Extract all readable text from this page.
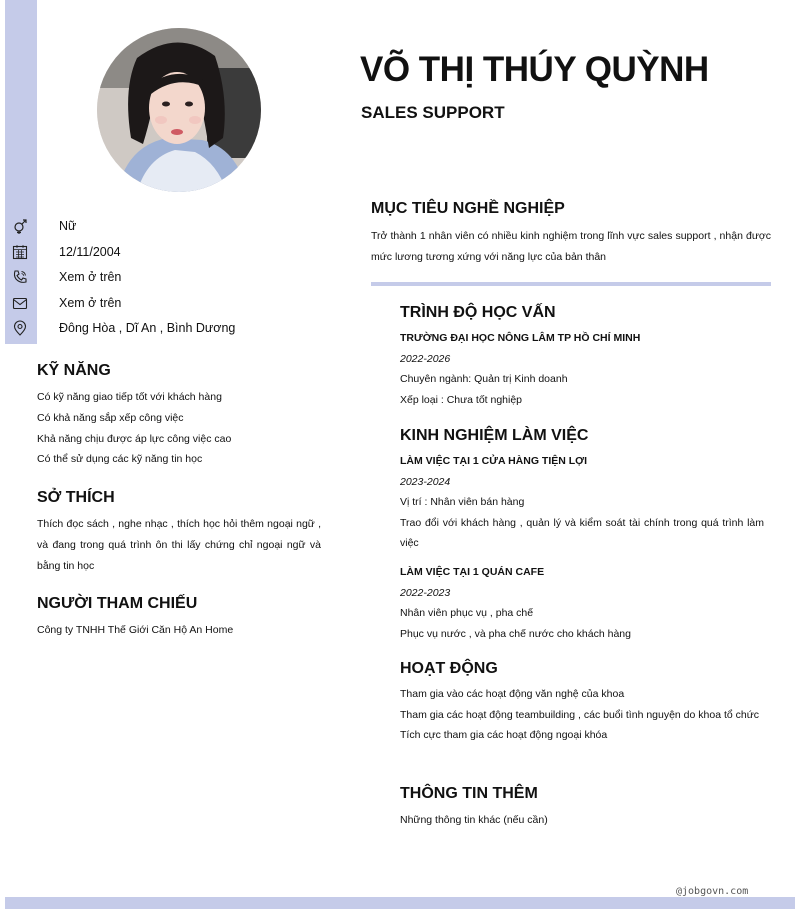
VÕ THỊ THÚY QUỲNH
SALES SUPPORT
Nữ
12/11/2004
Xem ở trên
Xem ở trên
Đông Hòa , Dĩ An , Bình Dương
KỸ NĂNG

Có kỹ năng giao tiếp tốt với khách hàng

Có khả năng sắp xếp công việc

Khả năng chịu được áp lực công việc cao

Có thể sử dụng các kỹ năng tin học

SỞ THÍCH
Thích đọc sách , nghe nhạc , thích học hỏi thêm ngoại ngữ , và đang trong quá trình ôn thi lấy chứng chỉ ngoại ngữ và bằng tin học
NGƯỜI THAM CHIẾU
Công ty TNHH Thế Giới Căn Hộ An Home
MỤC TIÊU NGHỀ NGHIỆP
Trở thành 1 nhân viên có nhiều kinh nghiệm trong lĩnh vực sales support , nhận được mức lương tương xứng với năng lực của bản thân
TRÌNH ĐỘ HỌC VẤN

TRƯỜNG ĐẠI HỌC NÔNG LÂM TP HỒ CHÍ MINH

2022-2026

Chuyên ngành: Quản trị Kinh doanh

Xếp loại : Chưa tốt nghiệp

KINH NGHIỆM LÀM VIỆC

LÀM VIỆC TẠI 1 CỬA HÀNG TIỆN LỢI

2023-2024

Vị trí : Nhân viên bán hàng

Trao đổi với khách hàng , quản lý và kiểm soát tài chính trong quá trình làm việc

LÀM VIỆC TẠI 1 QUÁN CAFE

2022-2023

Nhân viên phục vụ , pha chế

Phục vụ nước , và pha chế nước cho khách hàng

HOẠT ĐỘNG

Tham gia vào các hoạt động văn nghệ của khoa

Tham gia các hoạt động teambuilding , các buổi tình nguyện do khoa tổ chức

Tích cực tham gia các hoạt động ngoại khóa

THÔNG TIN THÊM
Những thông tin khác (nếu cần)
@jobgovn.com
